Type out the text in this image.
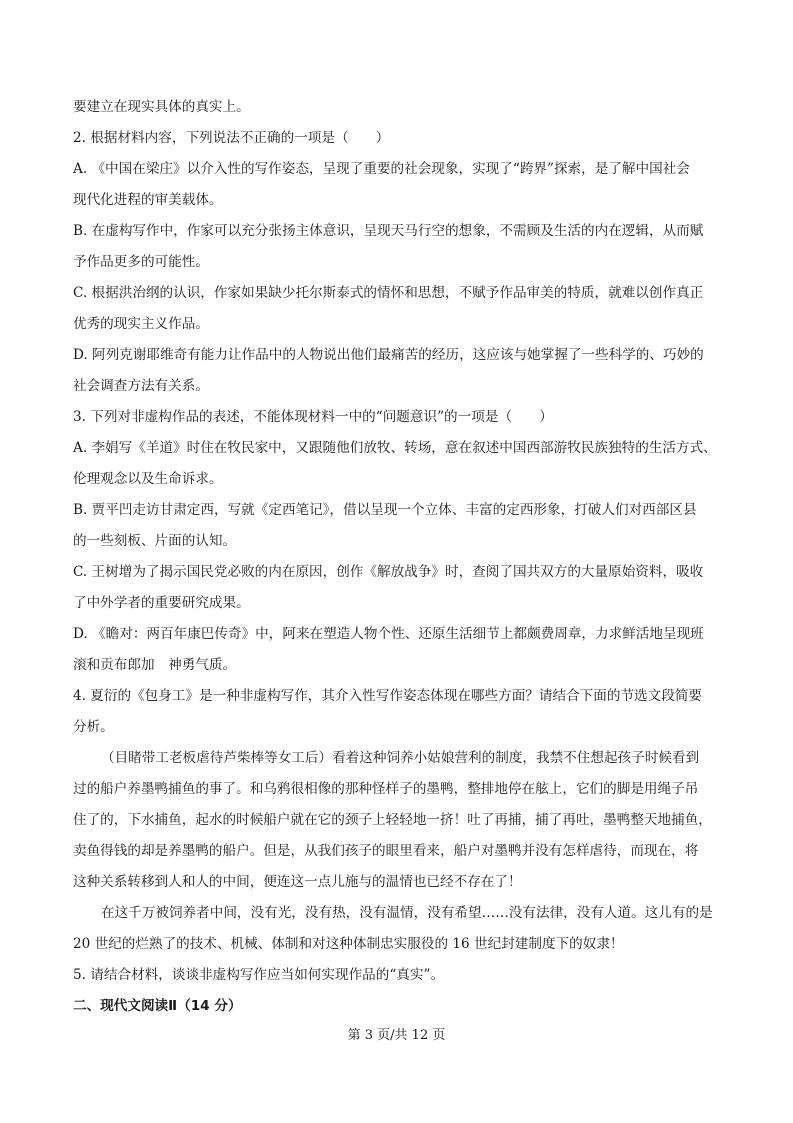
要建立在现实具体的真实上。
2. 根据材料内容，下列说法不正确的一项是（　　）
A. 《中国在梁庄》以介入性的写作姿态，呈现了重要的社会现象，实现了“跨界”探索，是了解中国社会
现代化进程的审美载体。
B. 在虚构写作中，作家可以充分张扬主体意识，呈现天马行空的想象，不需顾及生活的内在逻辑，从而赋
予作品更多的可能性。
C. 根据洪治纲的认识，作家如果缺少托尔斯泰式的情怀和思想，不赋予作品审美的特质，就难以创作真正
优秀的现实主义作品。
D. 阿列克谢耶维奇有能力让作品中的人物说出他们最痛苦的经历，这应该与她掌握了一些科学的、巧妙的
社会调查方法有关系。
3. 下列对非虚构作品的表述，不能体现材料一中的“问题意识”的一项是（　　）
A. 李娟写《羊道》时住在牧民家中，又跟随他们放牧、转场，意在叙述中国西部游牧民族独特的生活方式、
伦理观念以及生命诉求。
B. 贾平凹走访甘肃定西，写就《定西笔记》，借以呈现一个立体、丰富的定西形象，打破人们对西部区县
的一些刻板、片面的认知。
C. 王树增为了揭示国民党必败的内在原因，创作《解放战争》时，查阅了国共双方的大量原始资料，吸收
了中外学者的重要研究成果。
D. 《瞻对：两百年康巴传奇》中，阿来在塑造人物个性、还原生活细节上都颇费周章，力求鲜活地呈现班
滚和贡布郎加　神勇气质。
4. 夏衍的《包身工》是一种非虚构写作，其介入性写作姿态体现在哪些方面？请结合下面的节选文段简要
分析。
（目睹带工老板虐待芦柴棒等女工后）看着这种饲养小姑娘营利的制度，我禁不住想起孩子时候看到
过的船户养墨鸭捕鱼的事了。和乌鸦很相像的那种怪样子的墨鸭，整排地停在舷上，它们的脚是用绳子吊
住了的，下水捕鱼，起水的时候船户就在它的颈子上轻轻地一挤！吐了再捕，捕了再吐，墨鸭整天地捕鱼，
卖鱼得钱的却是养墨鸭的船户。但是，从我们孩子的眼里看来，船户对墨鸭并没有怎样虐待，而现在，将
这种关系转移到人和人的中间，便连这一点儿施与的温情也已经不存在了！
在这千万被饲养者中间，没有光，没有热，没有温情，没有希望……没有法律，没有人道。这儿有的是
20 世纪的烂熟了的技术、机械、体制和对这种体制忠实服役的 16 世纪封建制度下的奴隶！
5. 请结合材料，谈谈非虚构写作应当如何实现作品的“真实”。
二、现代文阅读Ⅱ（14 分）
第 3 页/共 12 页
